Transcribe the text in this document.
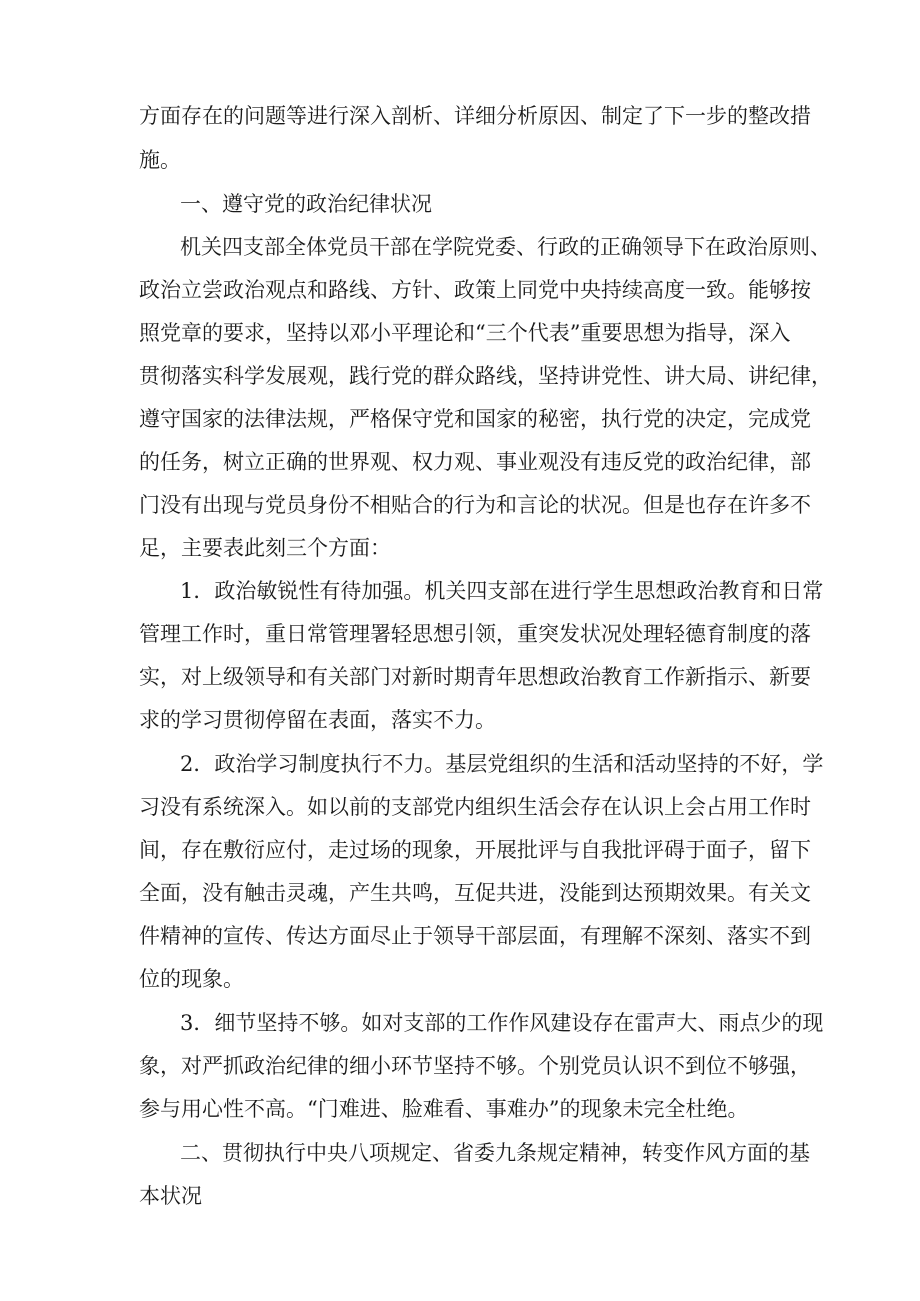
方面存在的问题等进行深入剖析、详细分析原因、制定了下一步的整改措

施。

一、遵守党的政治纪律状况

机关四支部全体党员干部在学院党委、行政的正确领导下在政治原则、

政治立尝政治观点和路线、方针、政策上同党中央持续高度一致。能够按

照党章的要求，坚持以邓小平理论和“三个代表”重要思想为指导，深入

贯彻落实科学发展观，践行党的群众路线，坚持讲党性、讲大局、讲纪律，

遵守国家的法律法规，严格保守党和国家的秘密，执行党的决定，完成党

的任务，树立正确的世界观、权力观、事业观没有违反党的政治纪律，部

门没有出现与党员身份不相贴合的行为和言论的状况。但是也存在许多不

足，主要表此刻三个方面：

1．政治敏锐性有待加强。机关四支部在进行学生思想政治教育和日常

管理工作时，重日常管理署轻思想引领，重突发状况处理轻德育制度的落

实，对上级领导和有关部门对新时期青年思想政治教育工作新指示、新要

求的学习贯彻停留在表面，落实不力。

2．政治学习制度执行不力。基层党组织的生活和活动坚持的不好，学

习没有系统深入。如以前的支部党内组织生活会存在认识上会占用工作时

间，存在敷衍应付，走过场的现象，开展批评与自我批评碍于面子，留下

全面，没有触击灵魂，产生共鸣，互促共进，没能到达预期效果。有关文

件精神的宣传、传达方面尽止于领导干部层面，有理解不深刻、落实不到

位的现象。

3．细节坚持不够。如对支部的工作作风建设存在雷声大、雨点少的现

象，对严抓政治纪律的细小环节坚持不够。个别党员认识不到位不够强，

参与用心性不高。“门难进、脸难看、事难办”的现象未完全杜绝。

二、贯彻执行中央八项规定、省委九条规定精神，转变作风方面的基

本状况
